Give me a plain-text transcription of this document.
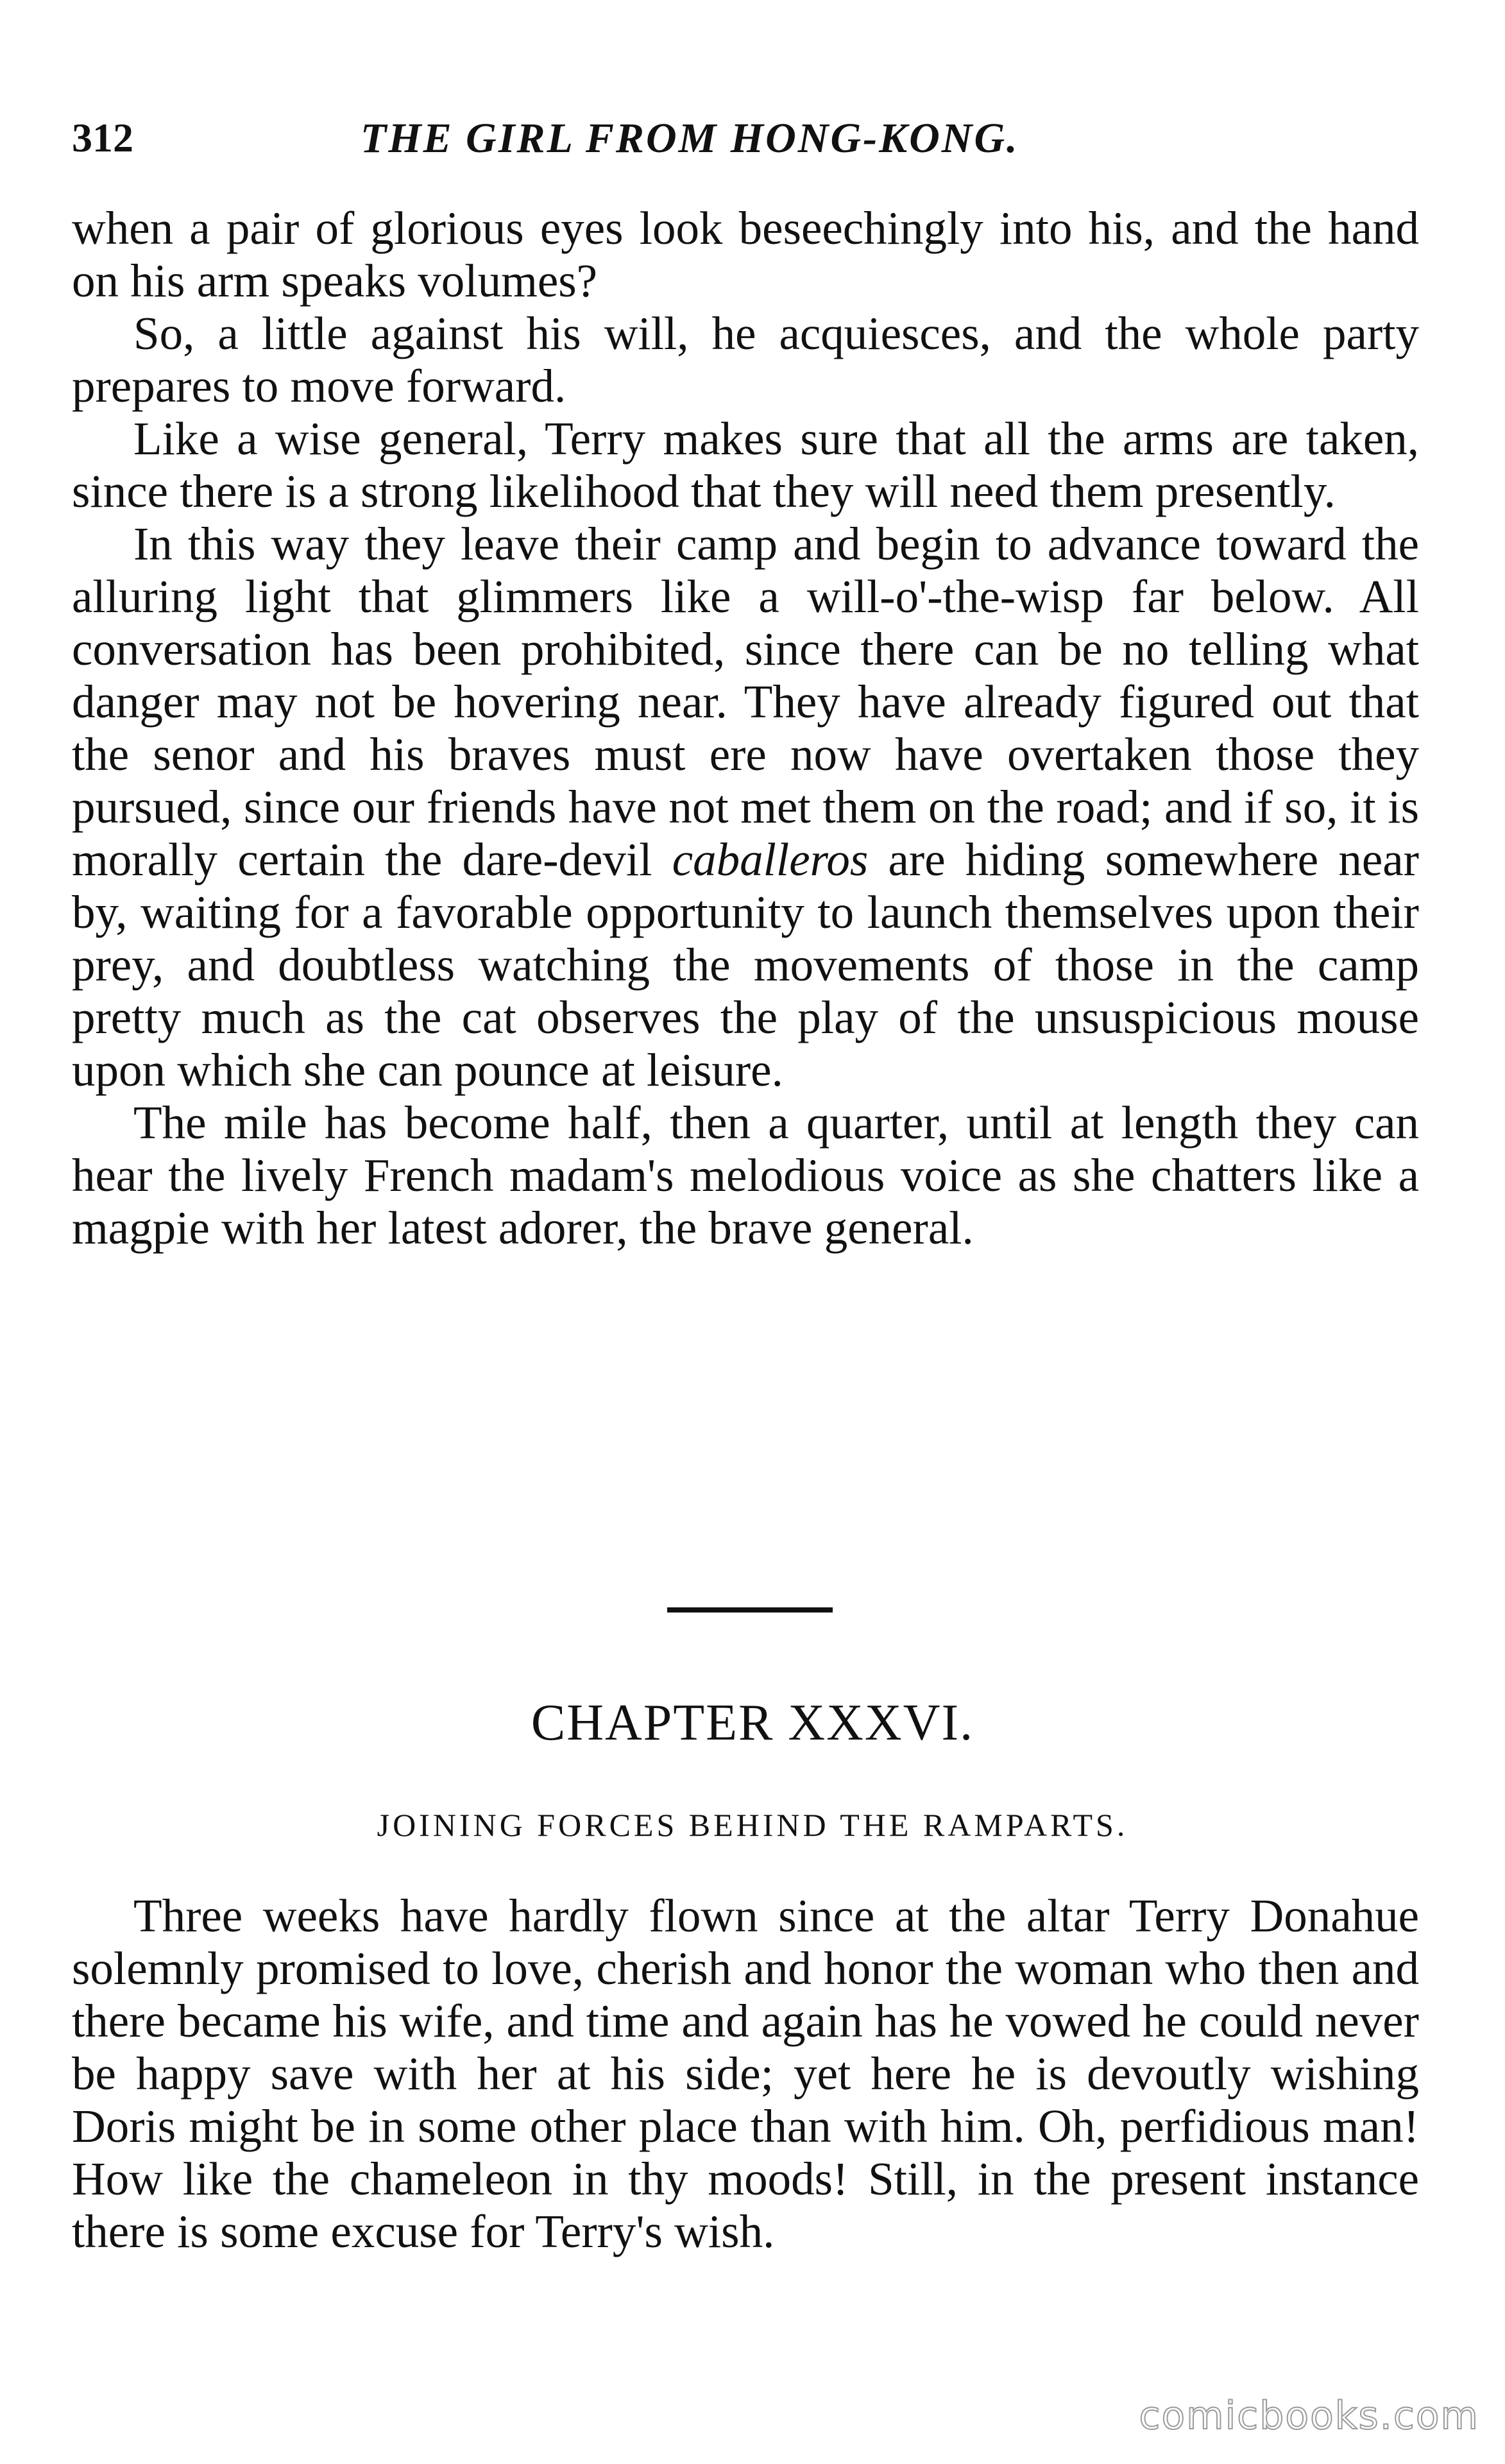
312	THE GIRL FROM HONG-KONG.

when a pair of glorious eyes look beseechingly into his, and the hand on his arm speaks volumes?

So, a little against his will, he acquiesces, and the whole party prepares to move forward.

Like a wise general, Terry makes sure that all the arms are taken, since there is a strong likelihood that they will need them presently.

In this way they leave their camp and begin to advance toward the alluring light that glimmers like a will-o'-the-wisp far below. All conversation has been prohibited, since there can be no telling what danger may not be hovering near. They have already figured out that the senor and his braves must ere now have overtaken those they pursued, since our friends have not met them on the road; and if so, it is morally certain the dare-devil caballeros are hiding somewhere near by, waiting for a favorable opportunity to launch themselves upon their prey, and doubtless watching the movements of those in the camp pretty much as the cat observes the play of the unsuspicious mouse upon which she can pounce at leisure.

The mile has become half, then a quarter, until at length they can hear the lively French madam's melodious voice as she chatters like a magpie with her latest adorer, the brave general.

CHAPTER XXXVI.
JOINING FORCES BEHIND THE RAMPARTS.

Three weeks have hardly flown since at the altar Terry Donahue solemnly promised to love, cherish and honor the woman who then and there became his wife, and time and again has he vowed he could never be happy save with her at his side; yet here he is devoutly wishing Doris might be in some other place than with him. Oh, perfidious man! How like the chameleon in thy moods! Still, in the present instance there is some excuse for Terry's wish.

comicbooks.com
